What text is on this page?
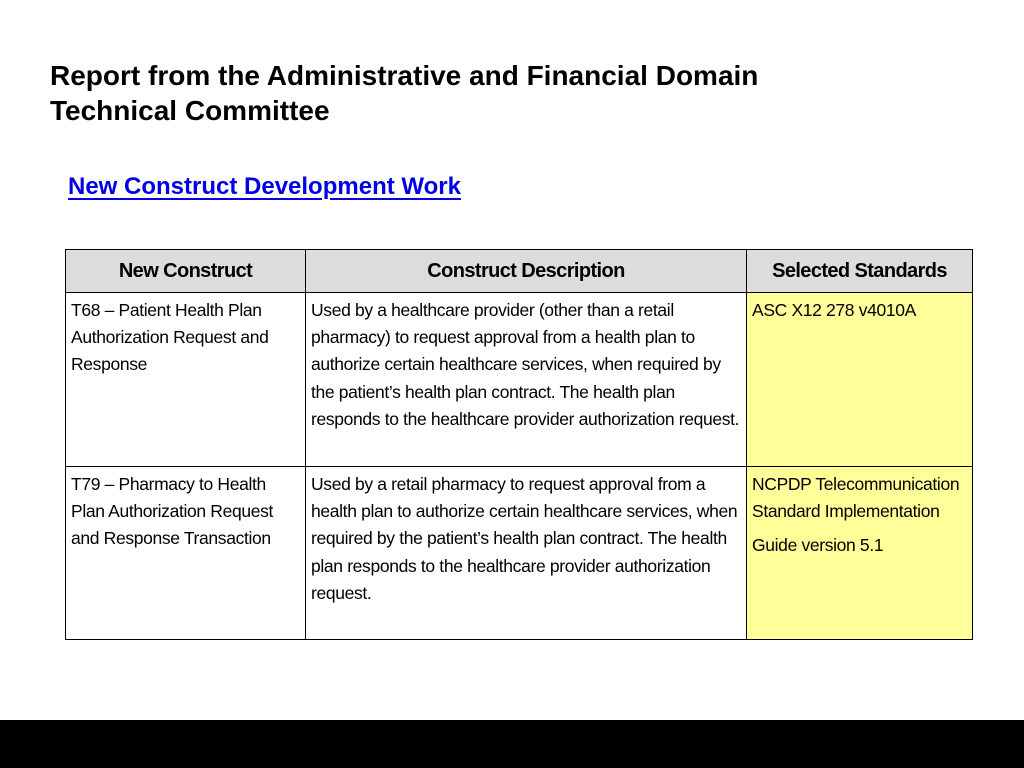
Report from the Administrative and Financial Domain
Technical Committee
New Construct Development Work
New Construct	Construct Description	Selected Standards
T68 – Patient Health Plan Authorization Request and Response	Used by a healthcare provider (other than a retail pharmacy) to request approval from a health plan to authorize certain healthcare services, when required by the patient’s health plan contract. The health plan responds to the healthcare provider authorization request.	ASC X12 278 v4010A

T79 – Pharmacy to Health Plan Authorization Request and Response Transaction	Used by a retail pharmacy to request approval from a health plan to authorize certain healthcare services, when required by the patient’s health plan contract. The health plan responds to the healthcare provider authorization request.	NCPDP Telecommunication Standard Implementation
Guide version 5.1
